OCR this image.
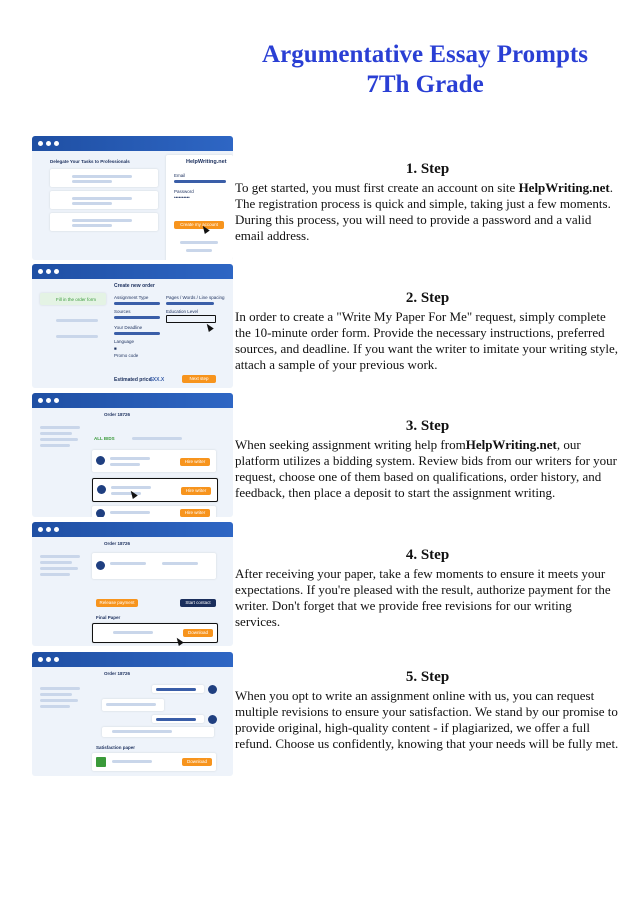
Argumentative Essay Prompts
7Th Grade
Delegate Your Tasks to Professionals	HelpWriting.net
Email
Password
••••••••••
Create my account
Fill in the order form
Create new order
Assignment Type	Pages / Words / Line spacing
Sources	Education Level
Your Deadline
Language
■
Promo code
Estimated price
$XX.X	Next step
Order 18726
ALL BIDS
Hire writer
Hire writer
Hire writer
Order 18726
Release payment	Start contact
Final Paper
Download
Order 18726
Satisfaction paper
Download
1. Step

To get started, you must first create an account on site HelpWriting.net. The registration process is quick and simple, taking just a few moments. During this process, you will need to provide a password and a valid email address.

2. Step

In order to create a "Write My Paper For Me" request, simply complete the 10-minute order form. Provide the necessary instructions, preferred sources, and deadline. If you want the writer to imitate your writing style, attach a sample of your previous work.

3. Step

When seeking assignment writing help fromHelpWriting.net, our platform utilizes a bidding system. Review bids from our writers for your request, choose one of them based on qualifications, order history, and feedback, then place a deposit to start the assignment writing.

4. Step

After receiving your paper, take a few moments to ensure it meets your expectations. If you're pleased with the result, authorize payment for the writer. Don't forget that we provide free revisions for our writing services.

5. Step

When you opt to write an assignment online with us, you can request multiple revisions to ensure your satisfaction. We stand by our promise to provide original, high-quality content - if plagiarized, we offer a full refund. Choose us confidently, knowing that your needs will be fully met.
